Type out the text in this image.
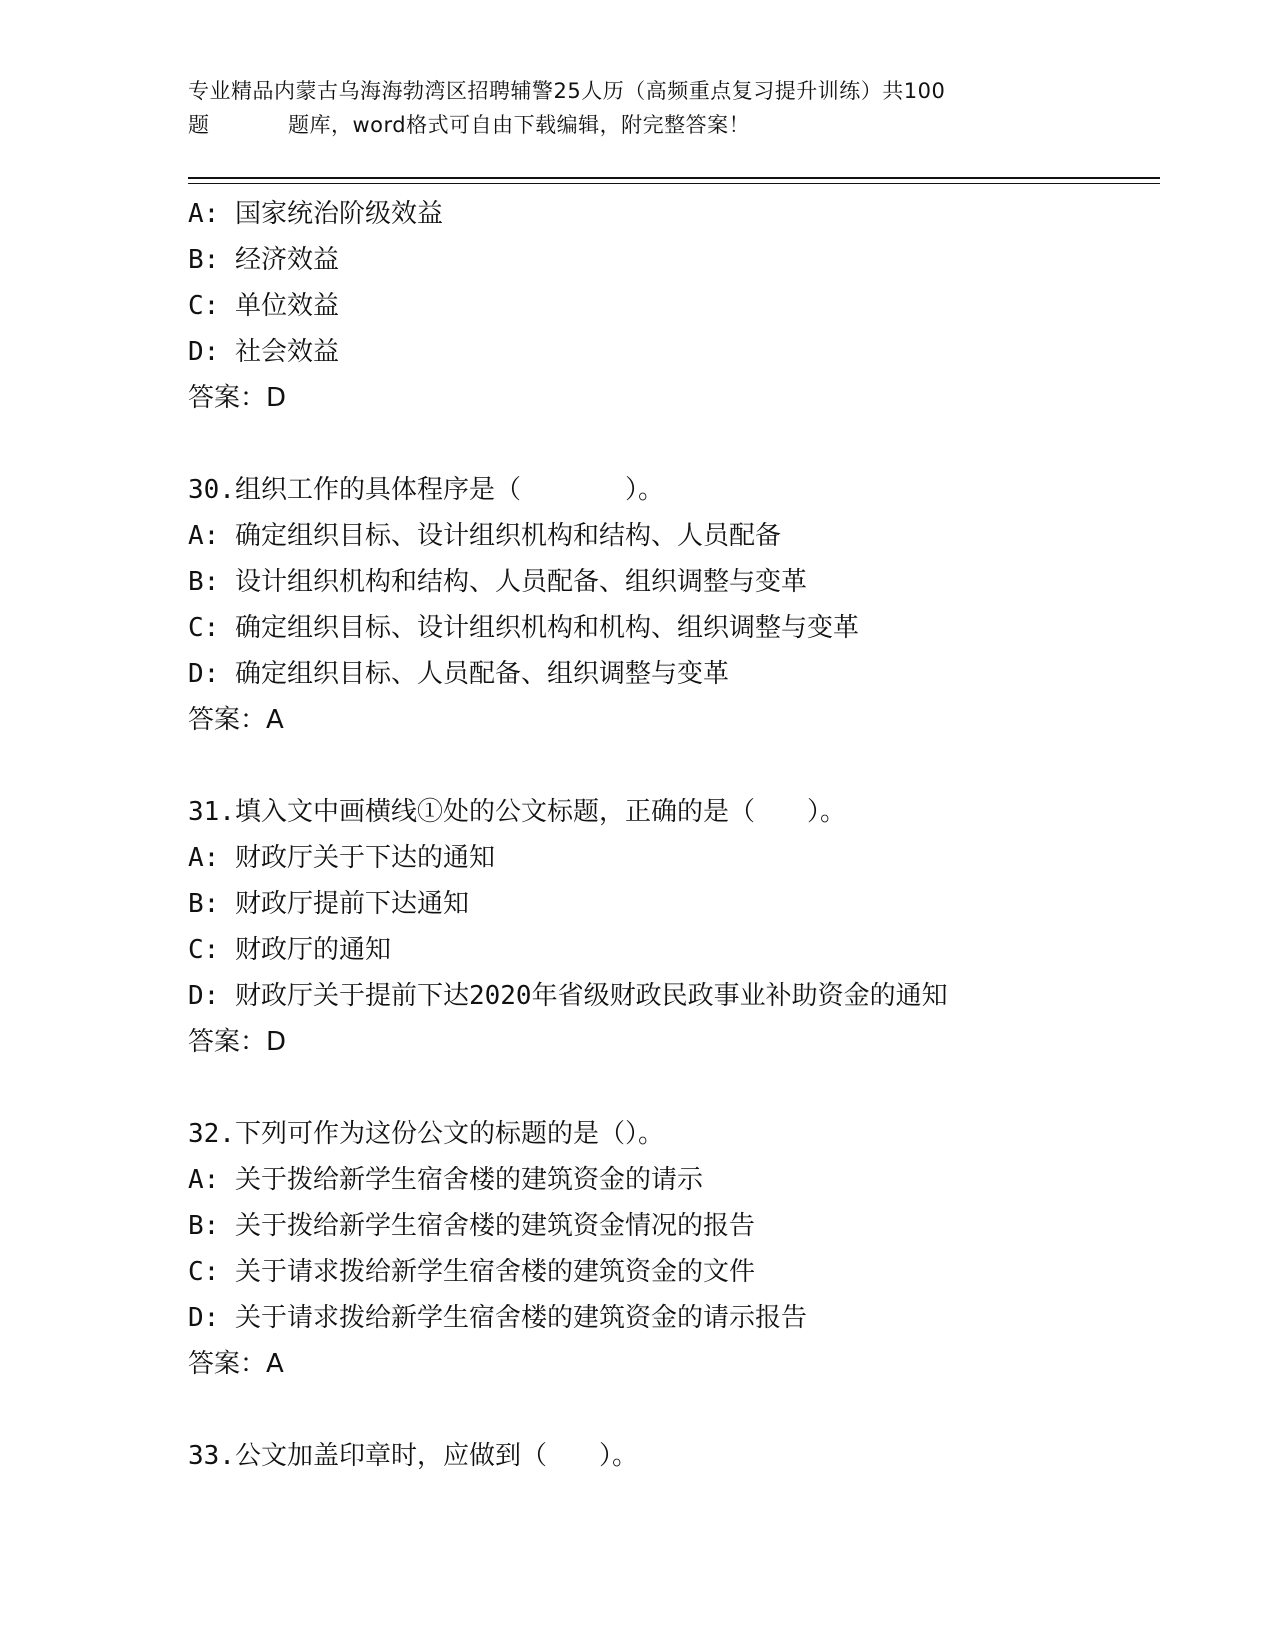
专业精品内蒙古乌海海勃湾区招聘辅警25人历（高频重点复习提升训练）共100
题	题库，word格式可自由下载编辑，附完整答案！
A: 国家统治阶级效益
B: 经济效益
C: 单位效益
D: 社会效益
答案：D
30.组织工作的具体程序是（　　　　）。
A: 确定组织目标、设计组织机构和结构、人员配备
B: 设计组织机构和结构、人员配备、组织调整与变革
C: 确定组织目标、设计组织机构和机构、组织调整与变革
D: 确定组织目标、人员配备、组织调整与变革
答案：A
31.填入文中画横线①处的公文标题，正确的是（　　）。
A: 财政厅关于下达的通知
B: 财政厅提前下达通知
C: 财政厅的通知
D: 财政厅关于提前下达2020年省级财政民政事业补助资金的通知
答案：D
32.下列可作为这份公文的标题的是（）。
A: 关于拨给新学生宿舍楼的建筑资金的请示
B: 关于拨给新学生宿舍楼的建筑资金情况的报告
C: 关于请求拨给新学生宿舍楼的建筑资金的文件
D: 关于请求拨给新学生宿舍楼的建筑资金的请示报告
答案：A
33.公文加盖印章时，应做到（　　）。
